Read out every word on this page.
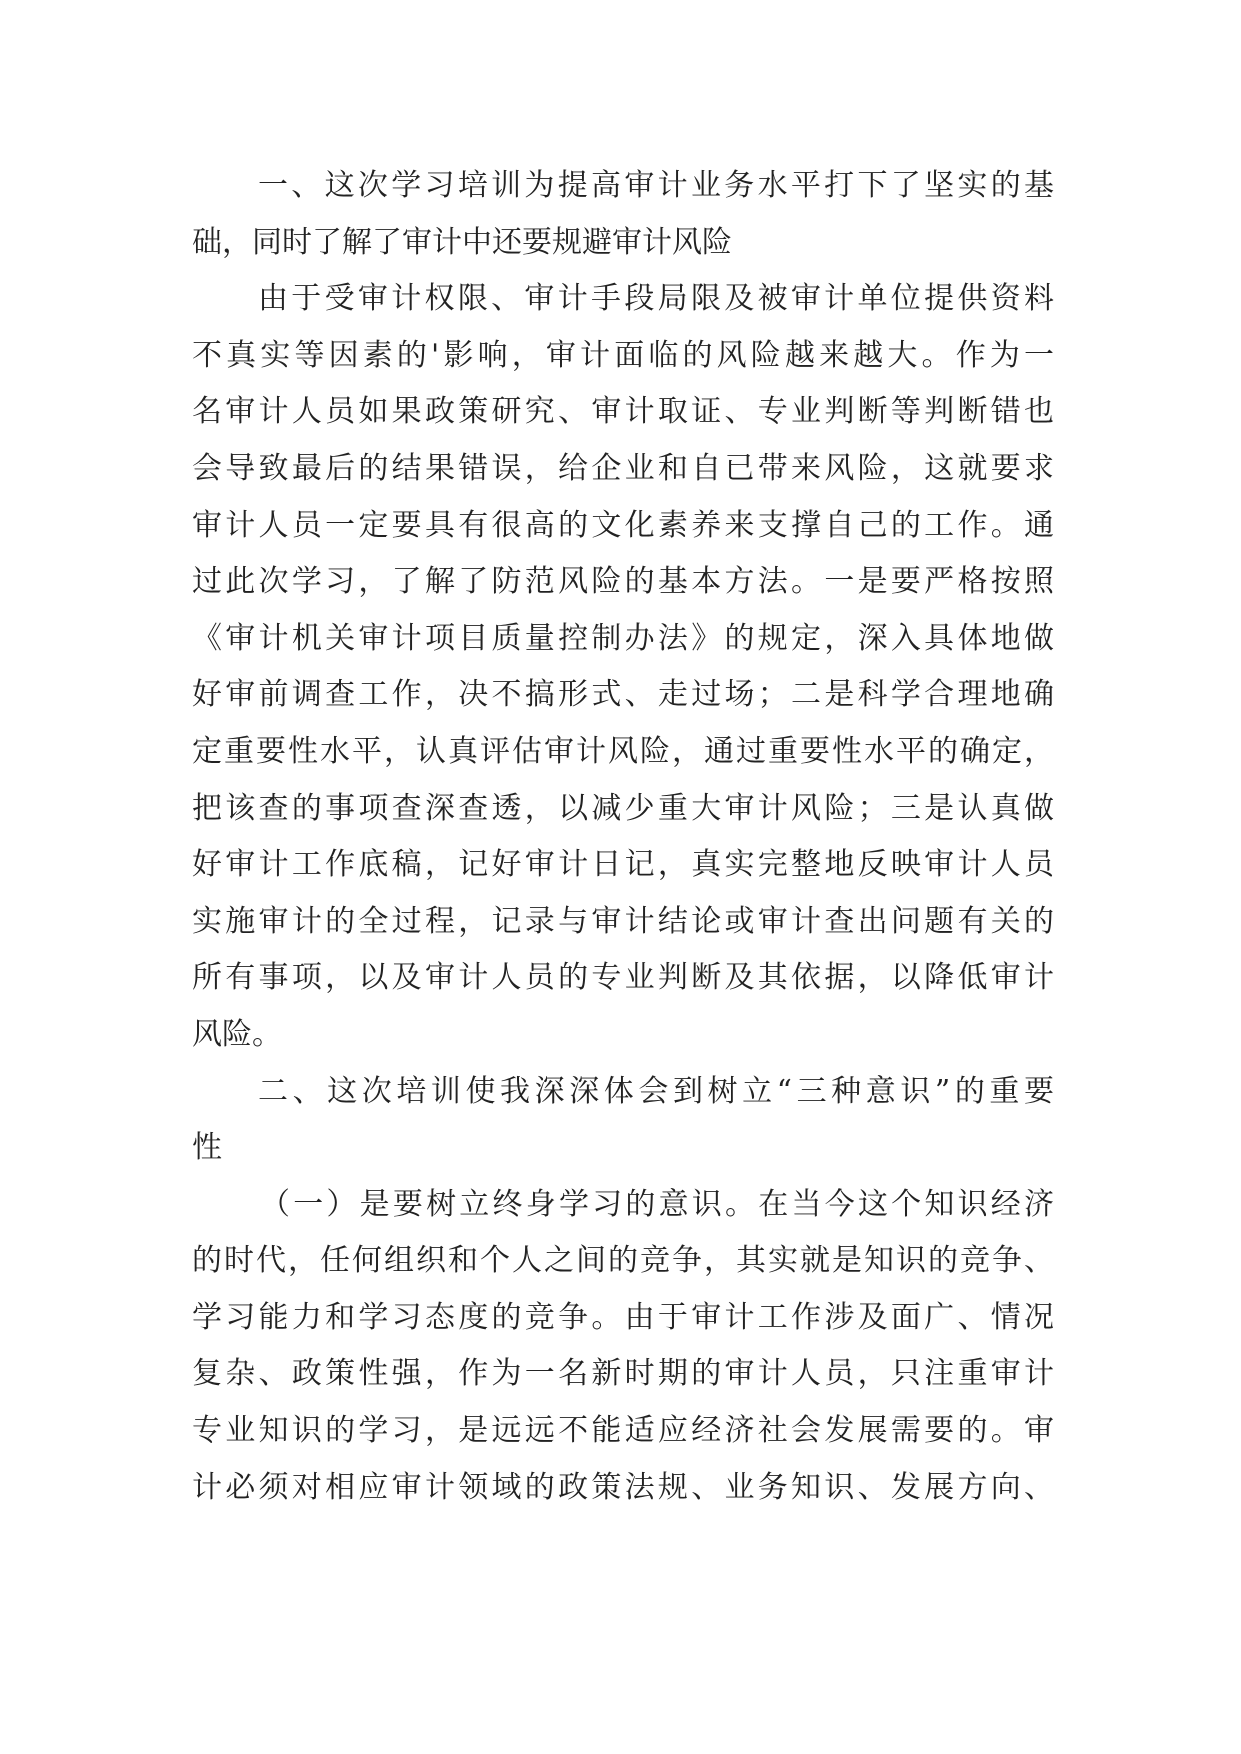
一、这次学习培训为提高审计业务水平打下了坚实的基
础，同时了解了审计中还要规避审计风险
由于受审计权限、审计手段局限及被审计单位提供资料
不真实等因素的'影响，审计面临的风险越来越大。作为一
名审计人员如果政策研究、审计取证、专业判断等判断错也
会导致最后的结果错误，给企业和自已带来风险，这就要求
审计人员一定要具有很高的文化素养来支撑自己的工作。通
过此次学习，了解了防范风险的基本方法。一是要严格按照
《审计机关审计项目质量控制办法》的规定，深入具体地做
好审前调查工作，决不搞形式、走过场；二是科学合理地确
定重要性水平，认真评估审计风险，通过重要性水平的确定，
把该查的事项查深查透，以减少重大审计风险；三是认真做
好审计工作底稿，记好审计日记，真实完整地反映审计人员
实施审计的全过程，记录与审计结论或审计查出问题有关的
所有事项，以及审计人员的专业判断及其依据，以降低审计
风险。
二、这次培训使我深深体会到树立“三种意识”的重要
性
（一）是要树立终身学习的意识。在当今这个知识经济
的时代，任何组织和个人之间的竞争，其实就是知识的竞争、
学习能力和学习态度的竞争。由于审计工作涉及面广、情况
复杂、政策性强，作为一名新时期的审计人员，只注重审计
专业知识的学习，是远远不能适应经济社会发展需要的。审
计必须对相应审计领域的政策法规、业务知识、发展方向、
